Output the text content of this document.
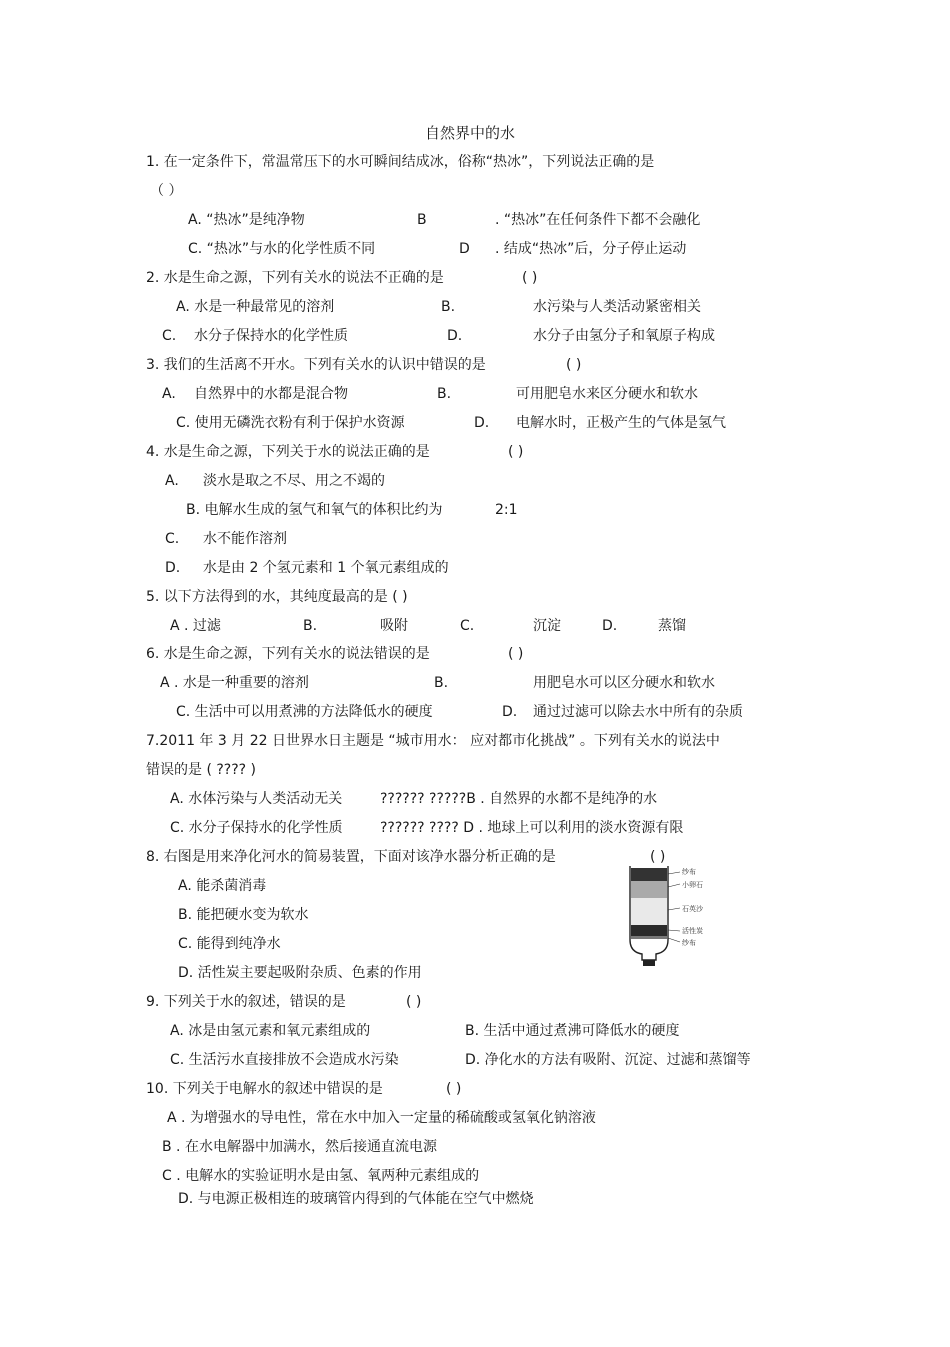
自然界中的水
1. 在一定条件下，常温常压下的水可瞬间结成冰，俗称“热冰”，下列说法正确的是
（ ）
A. “热冰”是纯净物	B	. “热冰”在任何条件下都不会融化
C. “热冰”与水的化学性质不同	D . 结成“热冰”后，分子停止运动
2. 水是生命之源，下列有关水的说法不正确的是	( )
A. 水是一种最常见的溶剂	B.	水污染与人类活动紧密相关
C. 水分子保持水的化学性质	D.	水分子由氢分子和氧原子构成
3. 我们的生活离不开水。下列有关水的认识中错误的是	( )
A. 自然界中的水都是混合物	B.	可用肥皂水来区分硬水和软水
C. 使用无磷洗衣粉有利于保护水资源	D. 电解水时，正极产生的气体是氢气
4. 水是生命之源，下列关于水的说法正确的是	( )
A. 淡水是取之不尽、用之不竭的
B. 电解水生成的氢气和氧气的体积比约为	2:1
C. 水不能作溶剂
D. 水是由 2 个氢元素和 1 个氧元素组成的
5. 以下方法得到的水，其纯度最高的是 ( )
A . 过滤	B.	吸附	C.	沉淀	D.	蒸馏
6. 水是生命之源，下列有关水的说法错误的是	( )
A . 水是一种重要的溶剂	B.	用肥皂水可以区分硬水和软水
C. 生活中可以用煮沸的方法降低水的硬度	D. 通过过滤可以除去水中所有的杂质
7.2011 年 3 月 22 日世界水日主题是 “城市用水： 应对都市化挑战” 。下列有关水的说法中
错误的是 ( ???? )
A. 水体污染与人类活动无关	?????? ?????B . 自然界的水都不是纯净的水
C. 水分子保持水的化学性质	?????? ???? D . 地球上可以利用的淡水资源有限
8. 右图是用来净化河水的简易装置，下面对该净水器分析正确的是	( )
A. 能杀菌消毒
B. 能把硬水变为软水
C. 能得到纯净水
D. 活性炭主要起吸附杂质、色素的作用
纱布
小卵石
石英沙
活性炭
纱布
9. 下列关于水的叙述，错误的是	( )
A. 冰是由氢元素和氧元素组成的	B. 生活中通过煮沸可降低水的硬度
C. 生活污水直接排放不会造成水污染	D. 净化水的方法有吸附、沉淀、过滤和蒸馏等
10. 下列关于电解水的叙述中错误的是	( )
A . 为增强水的导电性，常在水中加入一定量的稀硫酸或氢氧化钠溶液
B . 在水电解器中加满水，然后接通直流电源
C . 电解水的实验证明水是由氢、氧两种元素组成的
D. 与电源正极相连的玻璃管内得到的气体能在空气中燃烧
